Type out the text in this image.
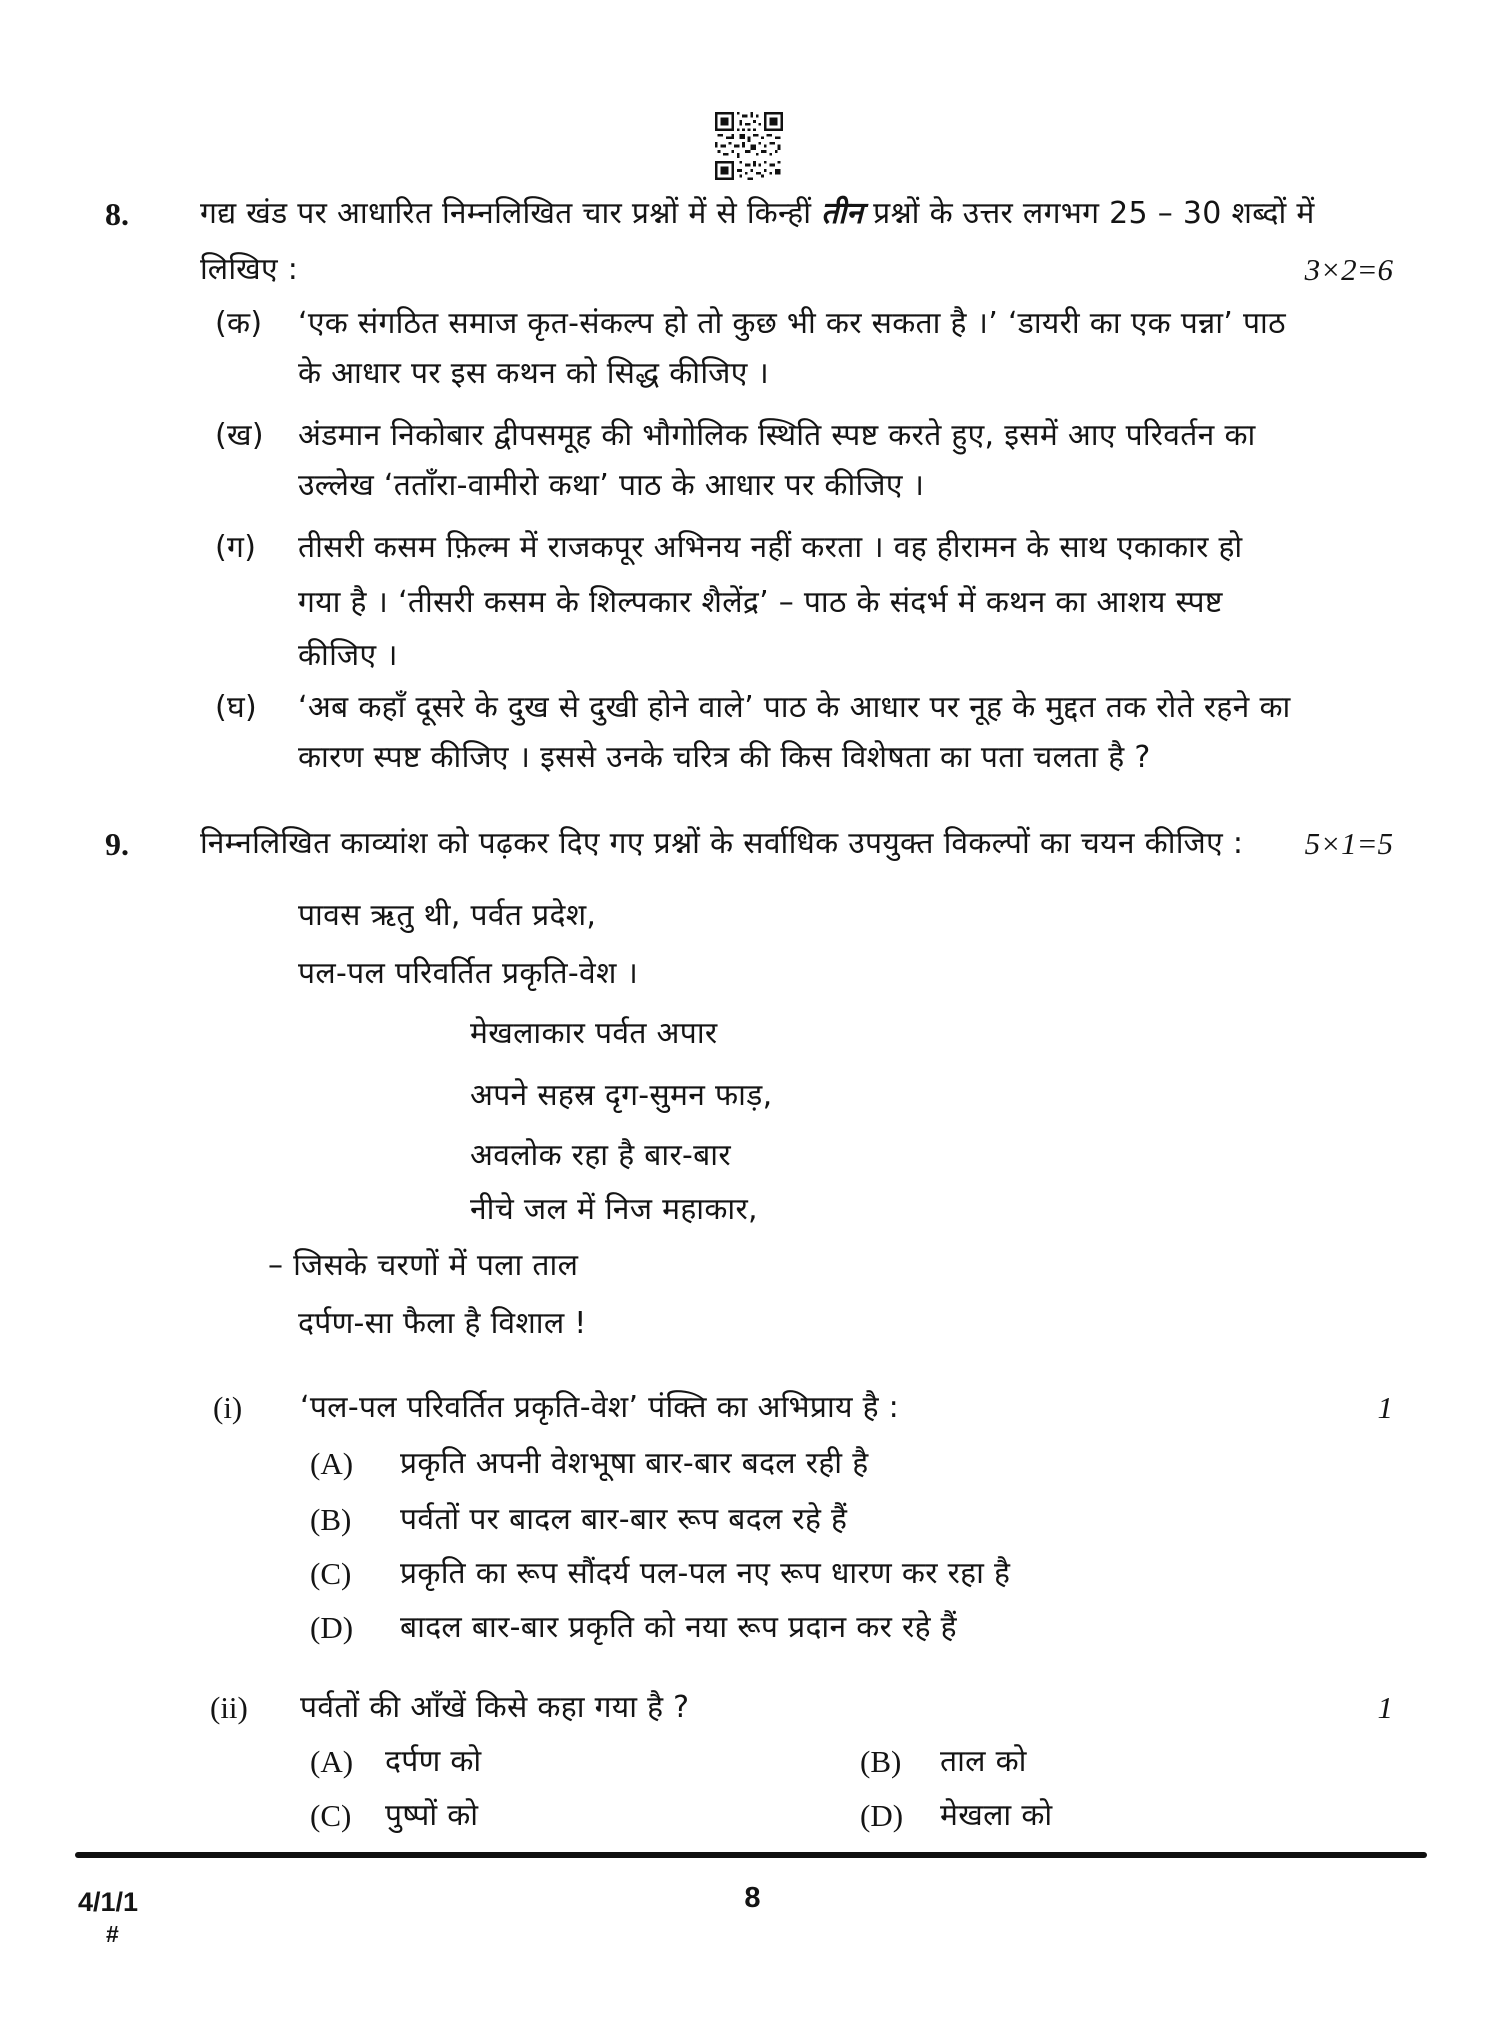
8. गद्य खंड पर आधारित निम्नलिखित चार प्रश्नों में से किन्हीं तीन प्रश्नों के उत्तर लगभग 25 – 30 शब्दों में
लिखिए :	3×2=6
(क) ‘एक संगठित समाज कृत-संकल्प हो तो कुछ भी कर सकता है ।’ ‘डायरी का एक पन्ना’ पाठ
के आधार पर इस कथन को सिद्ध कीजिए ।
(ख) अंडमान निकोबार द्वीपसमूह की भौगोलिक स्थिति स्पष्ट करते हुए, इसमें आए परिवर्तन का
उल्लेख ‘तताँरा-वामीरो कथा’ पाठ के आधार पर कीजिए ।
(ग) तीसरी कसम फ़िल्म में राजकपूर अभिनय नहीं करता । वह हीरामन के साथ एकाकार हो
गया है । ‘तीसरी कसम के शिल्पकार शैलेंद्र’ – पाठ के संदर्भ में कथन का आशय स्पष्ट
कीजिए ।
(घ) ‘अब कहाँ दूसरे के दुख से दुखी होने वाले’ पाठ के आधार पर नूह के मुद्दत तक रोते रहने का
कारण स्पष्ट कीजिए । इससे उनके चरित्र की किस विशेषता का पता चलता है ?
9. निम्नलिखित काव्यांश को पढ़कर दिए गए प्रश्नों के सर्वाधिक उपयुक्त विकल्पों का चयन कीजिए : 5×1=5
पावस ऋतु थी, पर्वत प्रदेश,
पल-पल परिवर्तित प्रकृति-वेश ।
मेखलाकार पर्वत अपार
अपने सहस्र दृग-सुमन फाड़,
अवलोक रहा है बार-बार
नीचे जल में निज महाकार,
– जिसके चरणों में पला ताल
दर्पण-सा फैला है विशाल !
(i) ‘पल-पल परिवर्तित प्रकृति-वेश’ पंक्ति का अभिप्राय है :	1
(A) प्रकृति अपनी वेशभूषा बार-बार बदल रही है
(B) पर्वतों पर बादल बार-बार रूप बदल रहे हैं
(C) प्रकृति का रूप सौंदर्य पल-पल नए रूप धारण कर रहा है
(D) बादल बार-बार प्रकृति को नया रूप प्रदान कर रहे हैं
(ii) पर्वतों की आँखें किसे कहा गया है ?	1
(A) दर्पण को	(B) ताल को
(C) पुष्पों को	(D) मेखला को
4/1/1
#
8
